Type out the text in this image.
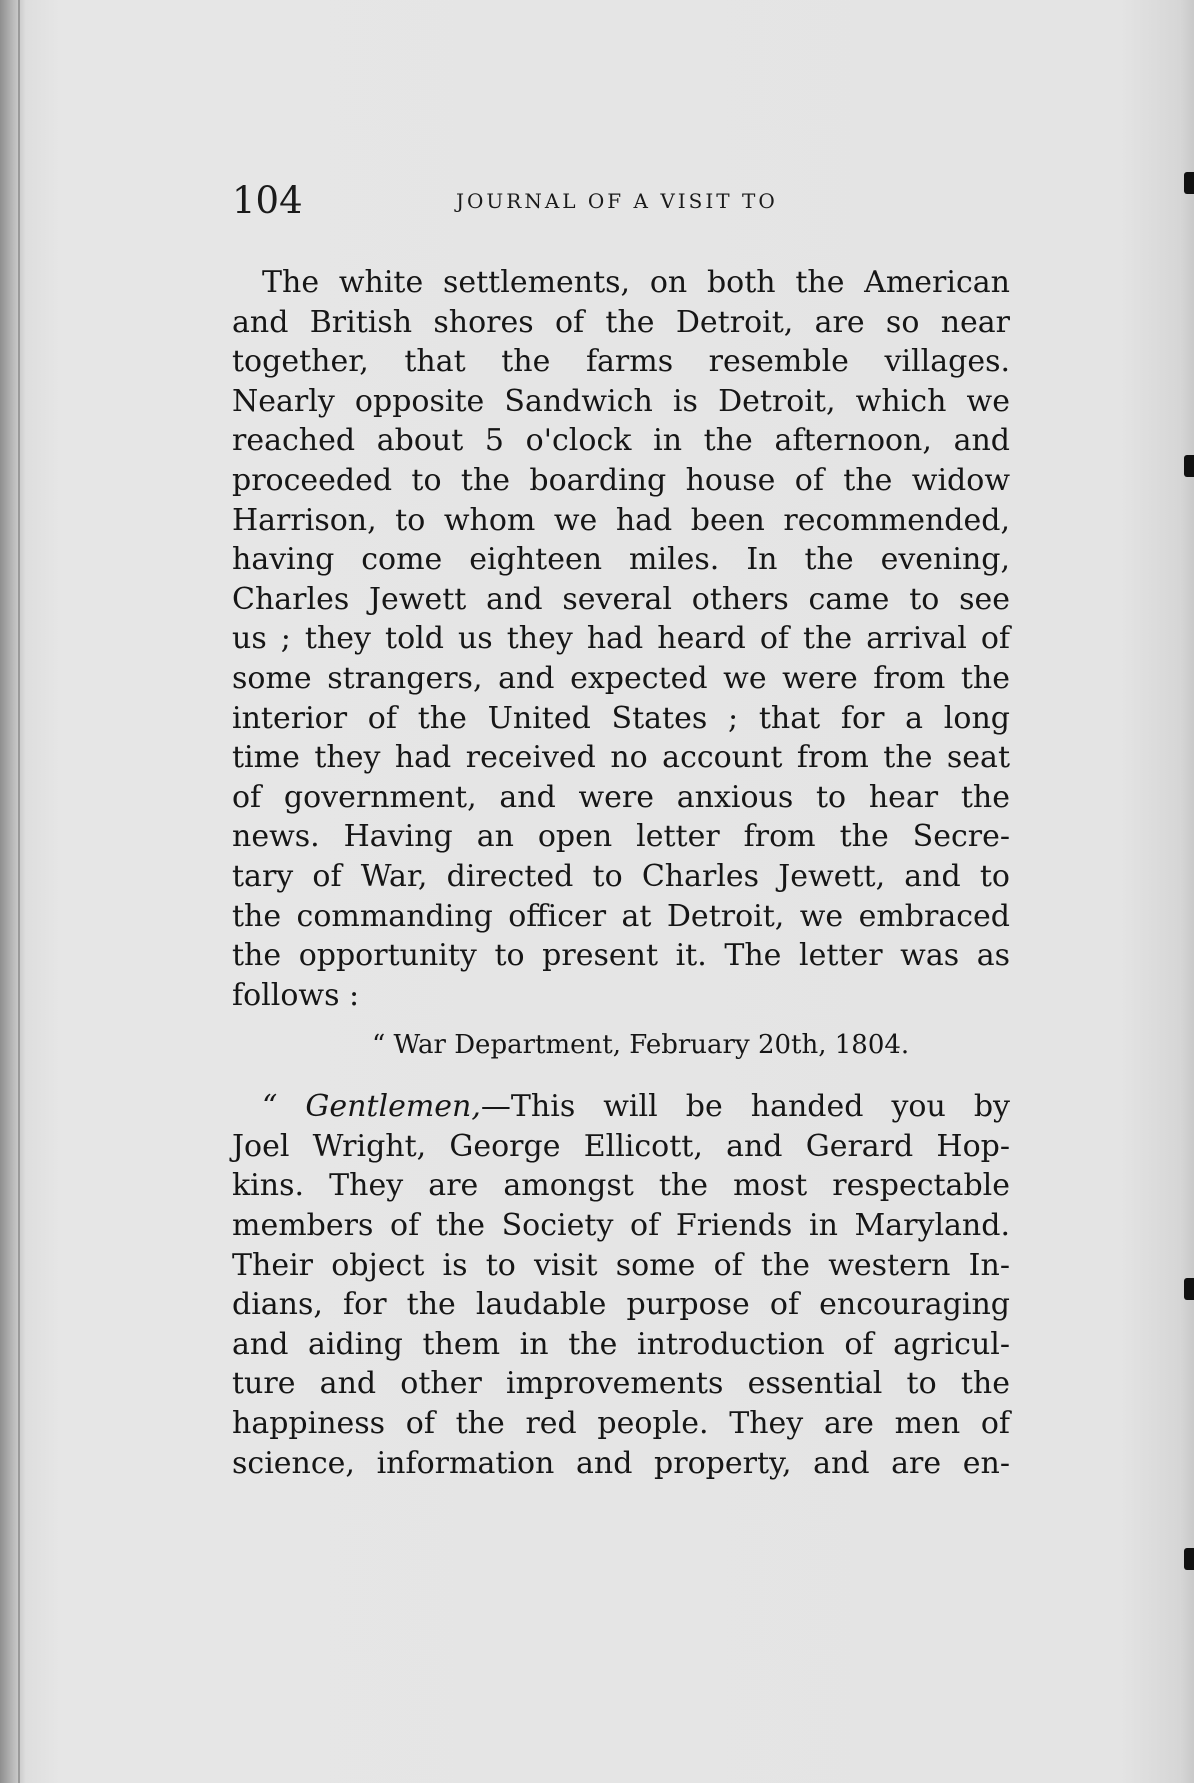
104	JOURNAL OF A VISIT TO
The white settlements, on both the American
and British shores of the Detroit, are so near
together, that the farms resemble villages.
Nearly opposite Sandwich is Detroit, which we
reached about 5 o'clock in the afternoon, and
proceeded to the boarding house of the widow
Harrison, to whom we had been recommended,
having come eighteen miles. In the evening,
Charles Jewett and several others came to see
us ; they told us they had heard of the arrival of
some strangers, and expected we were from the
interior of the United States ; that for a long
time they had received no account from the seat
of government, and were anxious to hear the
news. Having an open letter from the Secre-
tary of War, directed to Charles Jewett, and to
the commanding officer at Detroit, we embraced
the opportunity to present it. The letter was as
follows :
“ War Department, February 20th, 1804.
“ Gentlemen,—This will be handed you by
Joel Wright, George Ellicott, and Gerard Hop-
kins. They are amongst the most respectable
members of the Society of Friends in Maryland.
Their object is to visit some of the western In-
dians, for the laudable purpose of encouraging
and aiding them in the introduction of agricul-
ture and other improvements essential to the
happiness of the red people. They are men of
science, information and property, and are en-
